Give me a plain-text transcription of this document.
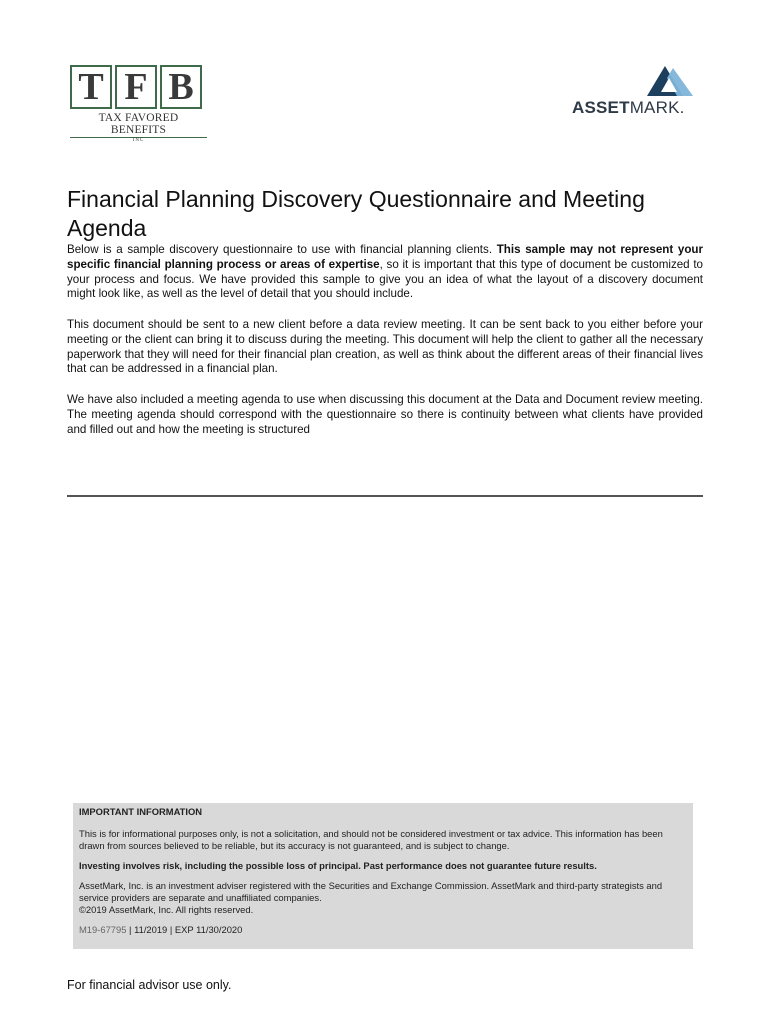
T F B
TAX FAVORED BENEFITS
INC
ASSETMARK.
Financial Planning Discovery Questionnaire and Meeting Agenda
Below is a sample discovery questionnaire to use with financial planning clients. This sample may not represent your specific financial planning process or areas of expertise, so it is important that this type of document be customized to your process and focus. We have provided this sample to give you an idea of what the layout of a discovery document might look like, as well as the level of detail that you should include.
This document should be sent to a new client before a data review meeting. It can be sent back to you either before your meeting or the client can bring it to discuss during the meeting. This document will help the client to gather all the necessary paperwork that they will need for their financial plan creation, as well as think about the different areas of their financial lives that can be addressed in a financial plan.
We have also included a meeting agenda to use when discussing this document at the Data and Document review meeting. The meeting agenda should correspond with the questionnaire so there is continuity between what clients have provided and filled out and how the meeting is structured

IMPORTANT INFORMATION

This is for informational purposes only, is not a solicitation, and should not be considered investment or tax advice. This information has been drawn from sources believed to be reliable, but its accuracy is not guaranteed, and is subject to change.

Investing involves risk, including the possible loss of principal. Past performance does not guarantee future results.

AssetMark, Inc. is an investment adviser registered with the Securities and Exchange Commission. AssetMark and third-party strategists and service providers are separate and unaffiliated companies.

©2019 AssetMark, Inc. All rights reserved.

M19-67795 | 11/2019 | EXP 11/30/2020

For financial advisor use only.
